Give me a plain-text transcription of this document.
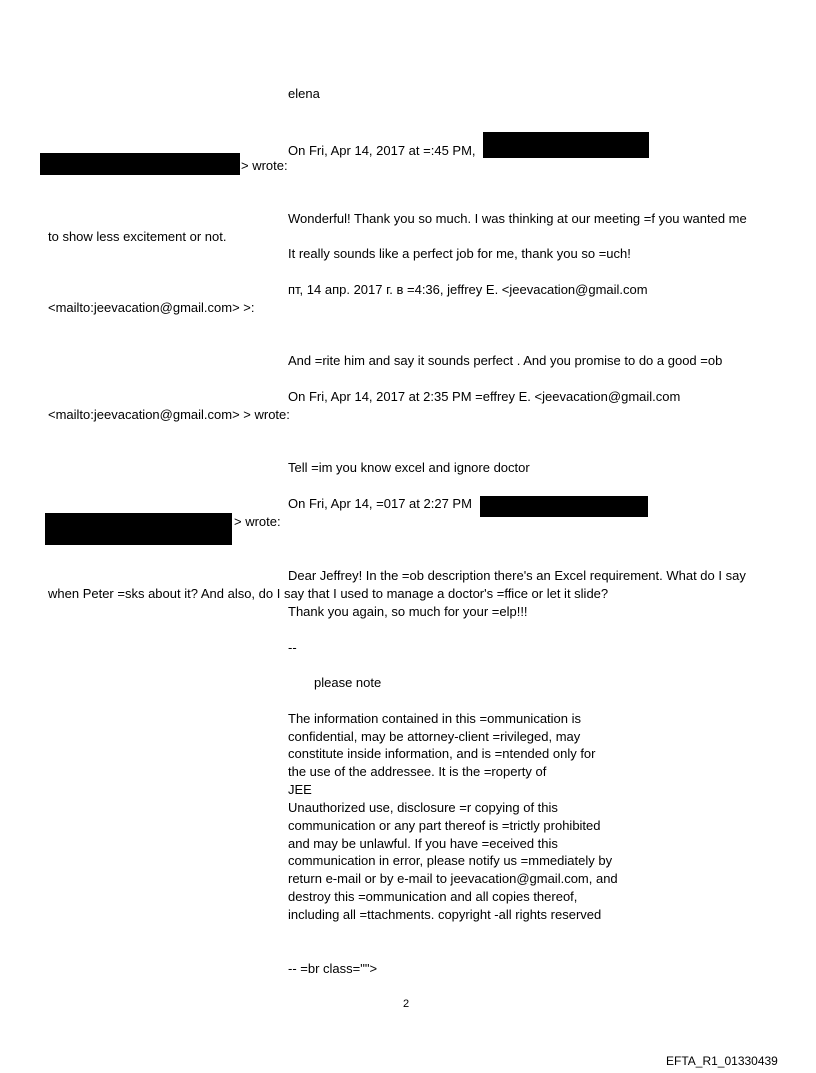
elena
On Fri, Apr 14, 2017 at =:45 PM,
> wrote:
Wonderful! Thank you so much. I was thinking at our meeting =f you wanted me
to show less excitement or not.
It really sounds like a perfect job for me, thank you so =uch!
пт, 14 апр. 2017 г. в =4:36, jeffrey E. <jeevacation@gmail.com
<mailto:jeevacation@gmail.com> >:
And =rite him and say it sounds perfect . And you promise to do a good =ob
On Fri, Apr 14, 2017 at 2:35 PM =effrey E. <jeevacation@gmail.com
<mailto:jeevacation@gmail.com> > wrote:
Tell =im you know excel and ignore doctor
On Fri, Apr 14, =017 at 2:27 PM
> wrote:
Dear Jeffrey! In the =ob description there's an Excel requirement. What do I say
when Peter =sks about it? And also, do I say that I used to manage a doctor's =ffice or let it slide?
Thank you again, so much for your =elp!!!
--
please note
The information contained in this =ommunication is
confidential, may be attorney-client =rivileged, may
constitute inside information, and is =ntended only for
the use of the addressee. It is the =roperty of
JEE
Unauthorized use, disclosure =r copying of this
communication or any part thereof is =trictly prohibited
and may be unlawful. If you have =eceived this
communication in error, please notify us =mmediately by
return e-mail or by e-mail to jeevacation@gmail.com, and
destroy this =ommunication and all copies thereof,
including all =ttachments. copyright -all rights reserved
-- =br class="">
2
EFTA_R1_01330439
